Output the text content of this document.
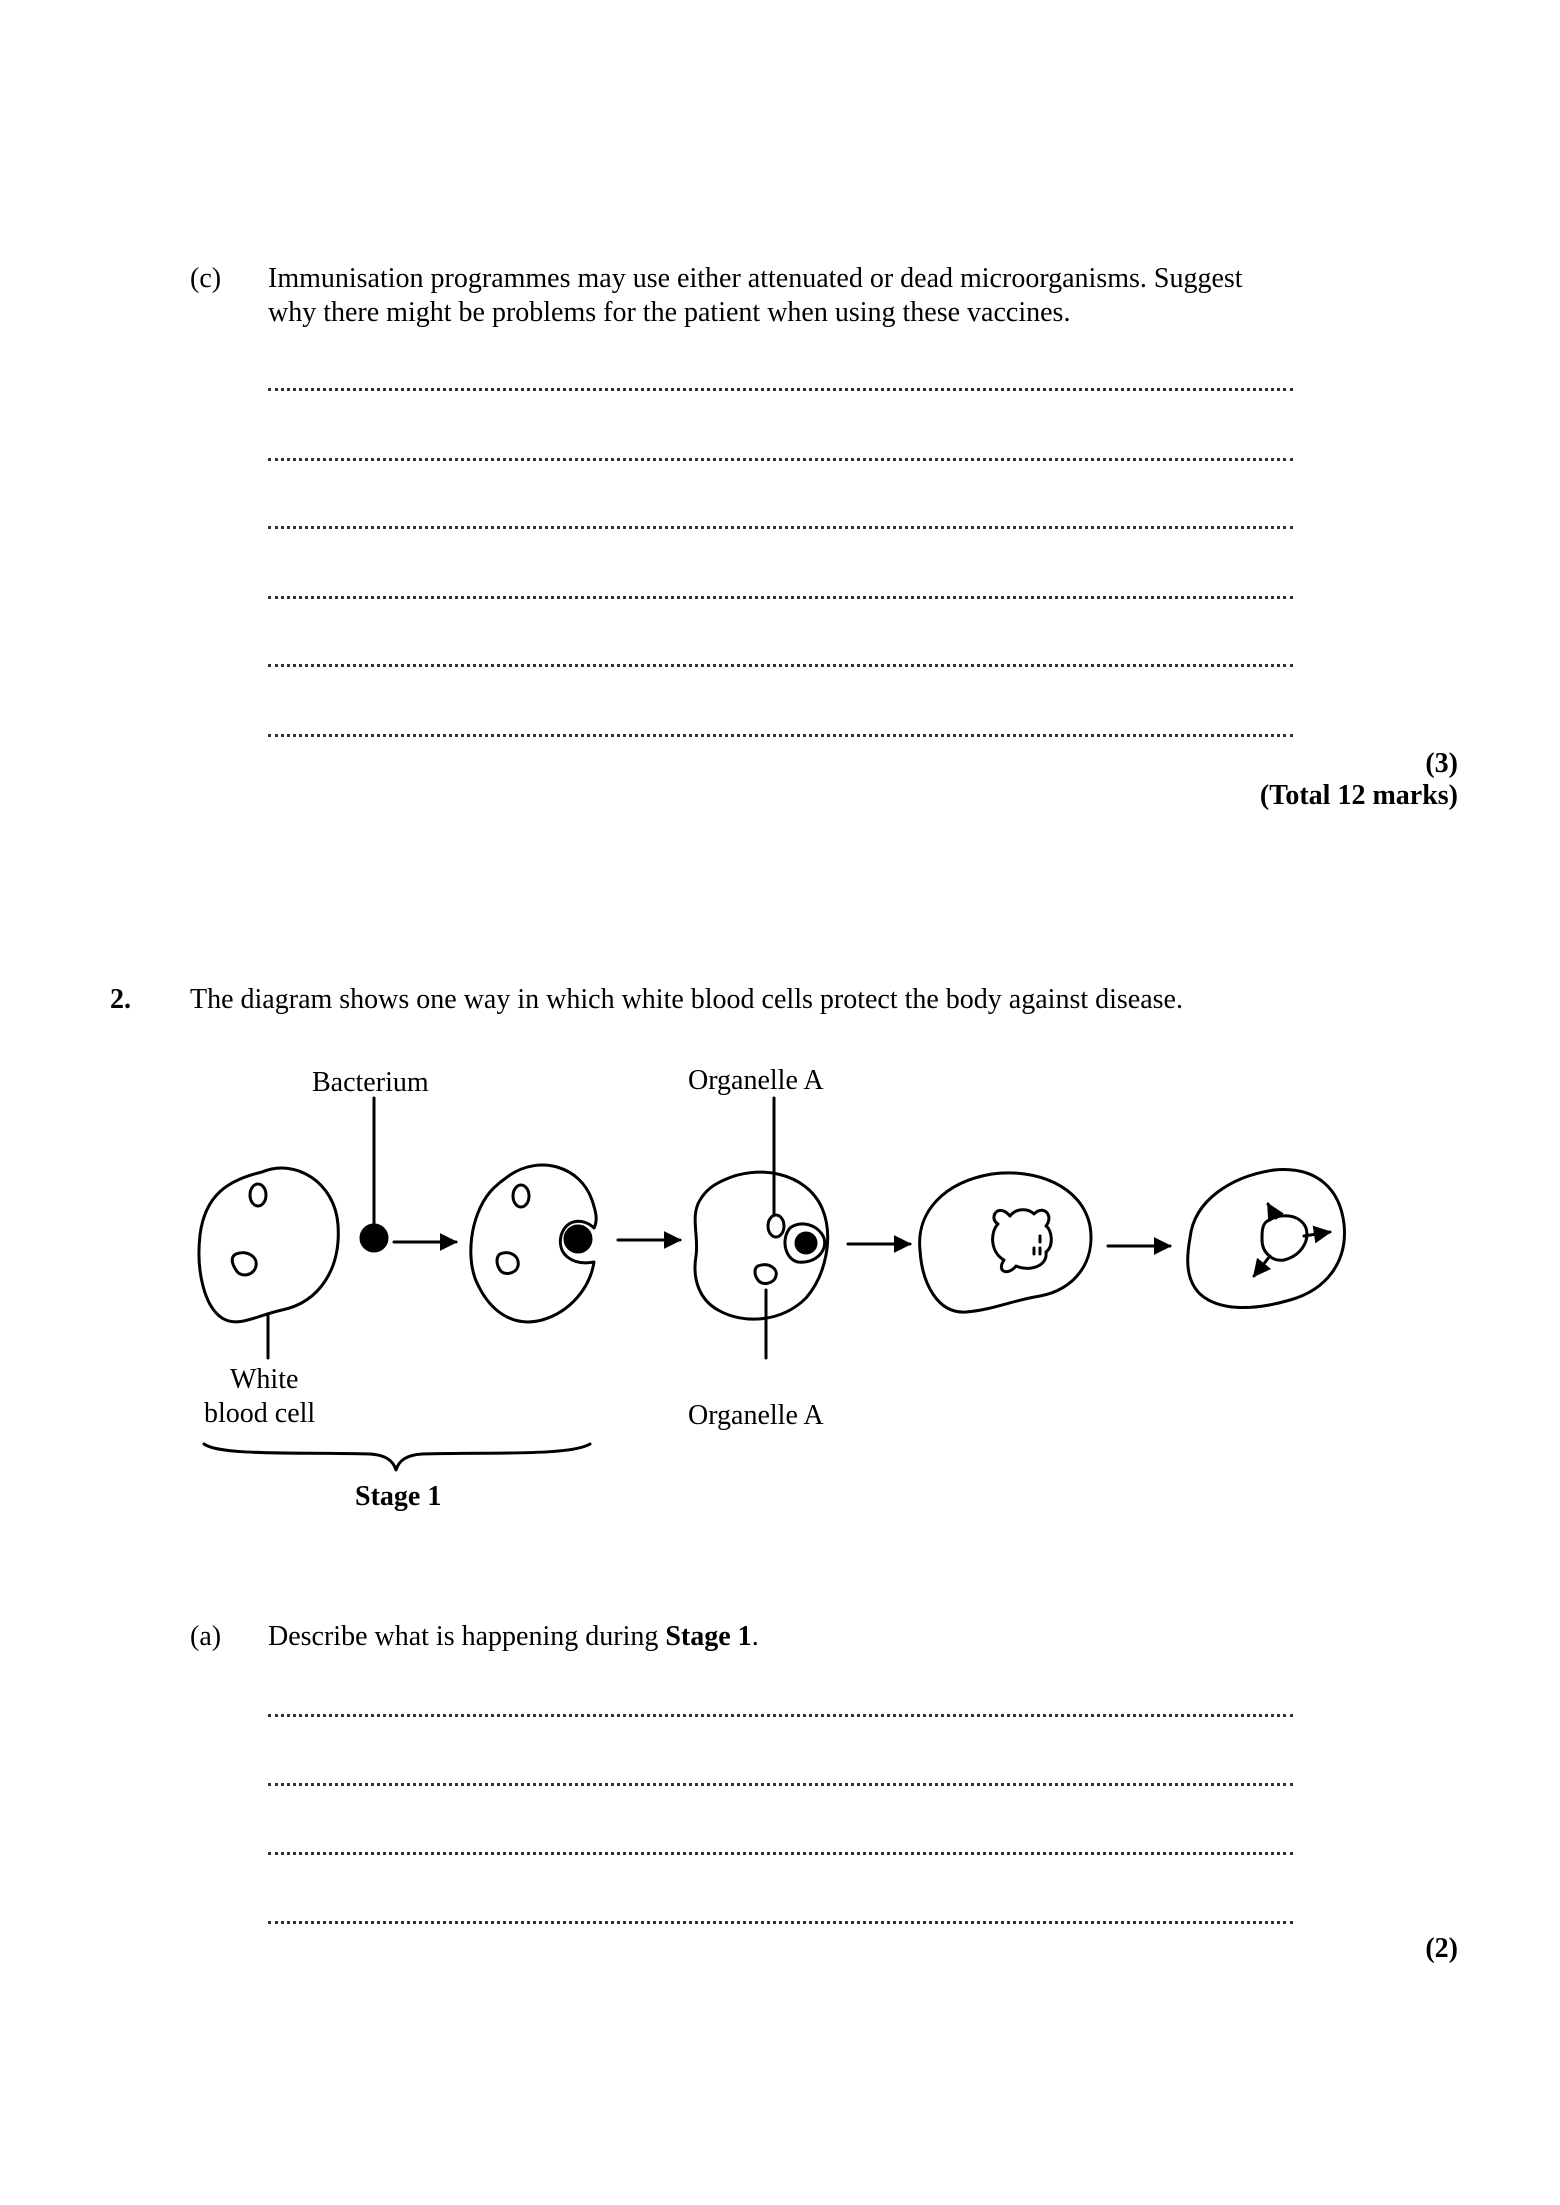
(c) Immunisation programmes may use either attenuated or dead microorganisms. Suggest
why there might be problems for the patient when using these vaccines.
(3)
(Total 12 marks)
2. The diagram shows one way in which white blood cells protect the body against disease.
White
blood cell
Bacterium	Organelle A
Organelle A
Stage 1
(a) Describe what is happening during Stage 1.
(2)
